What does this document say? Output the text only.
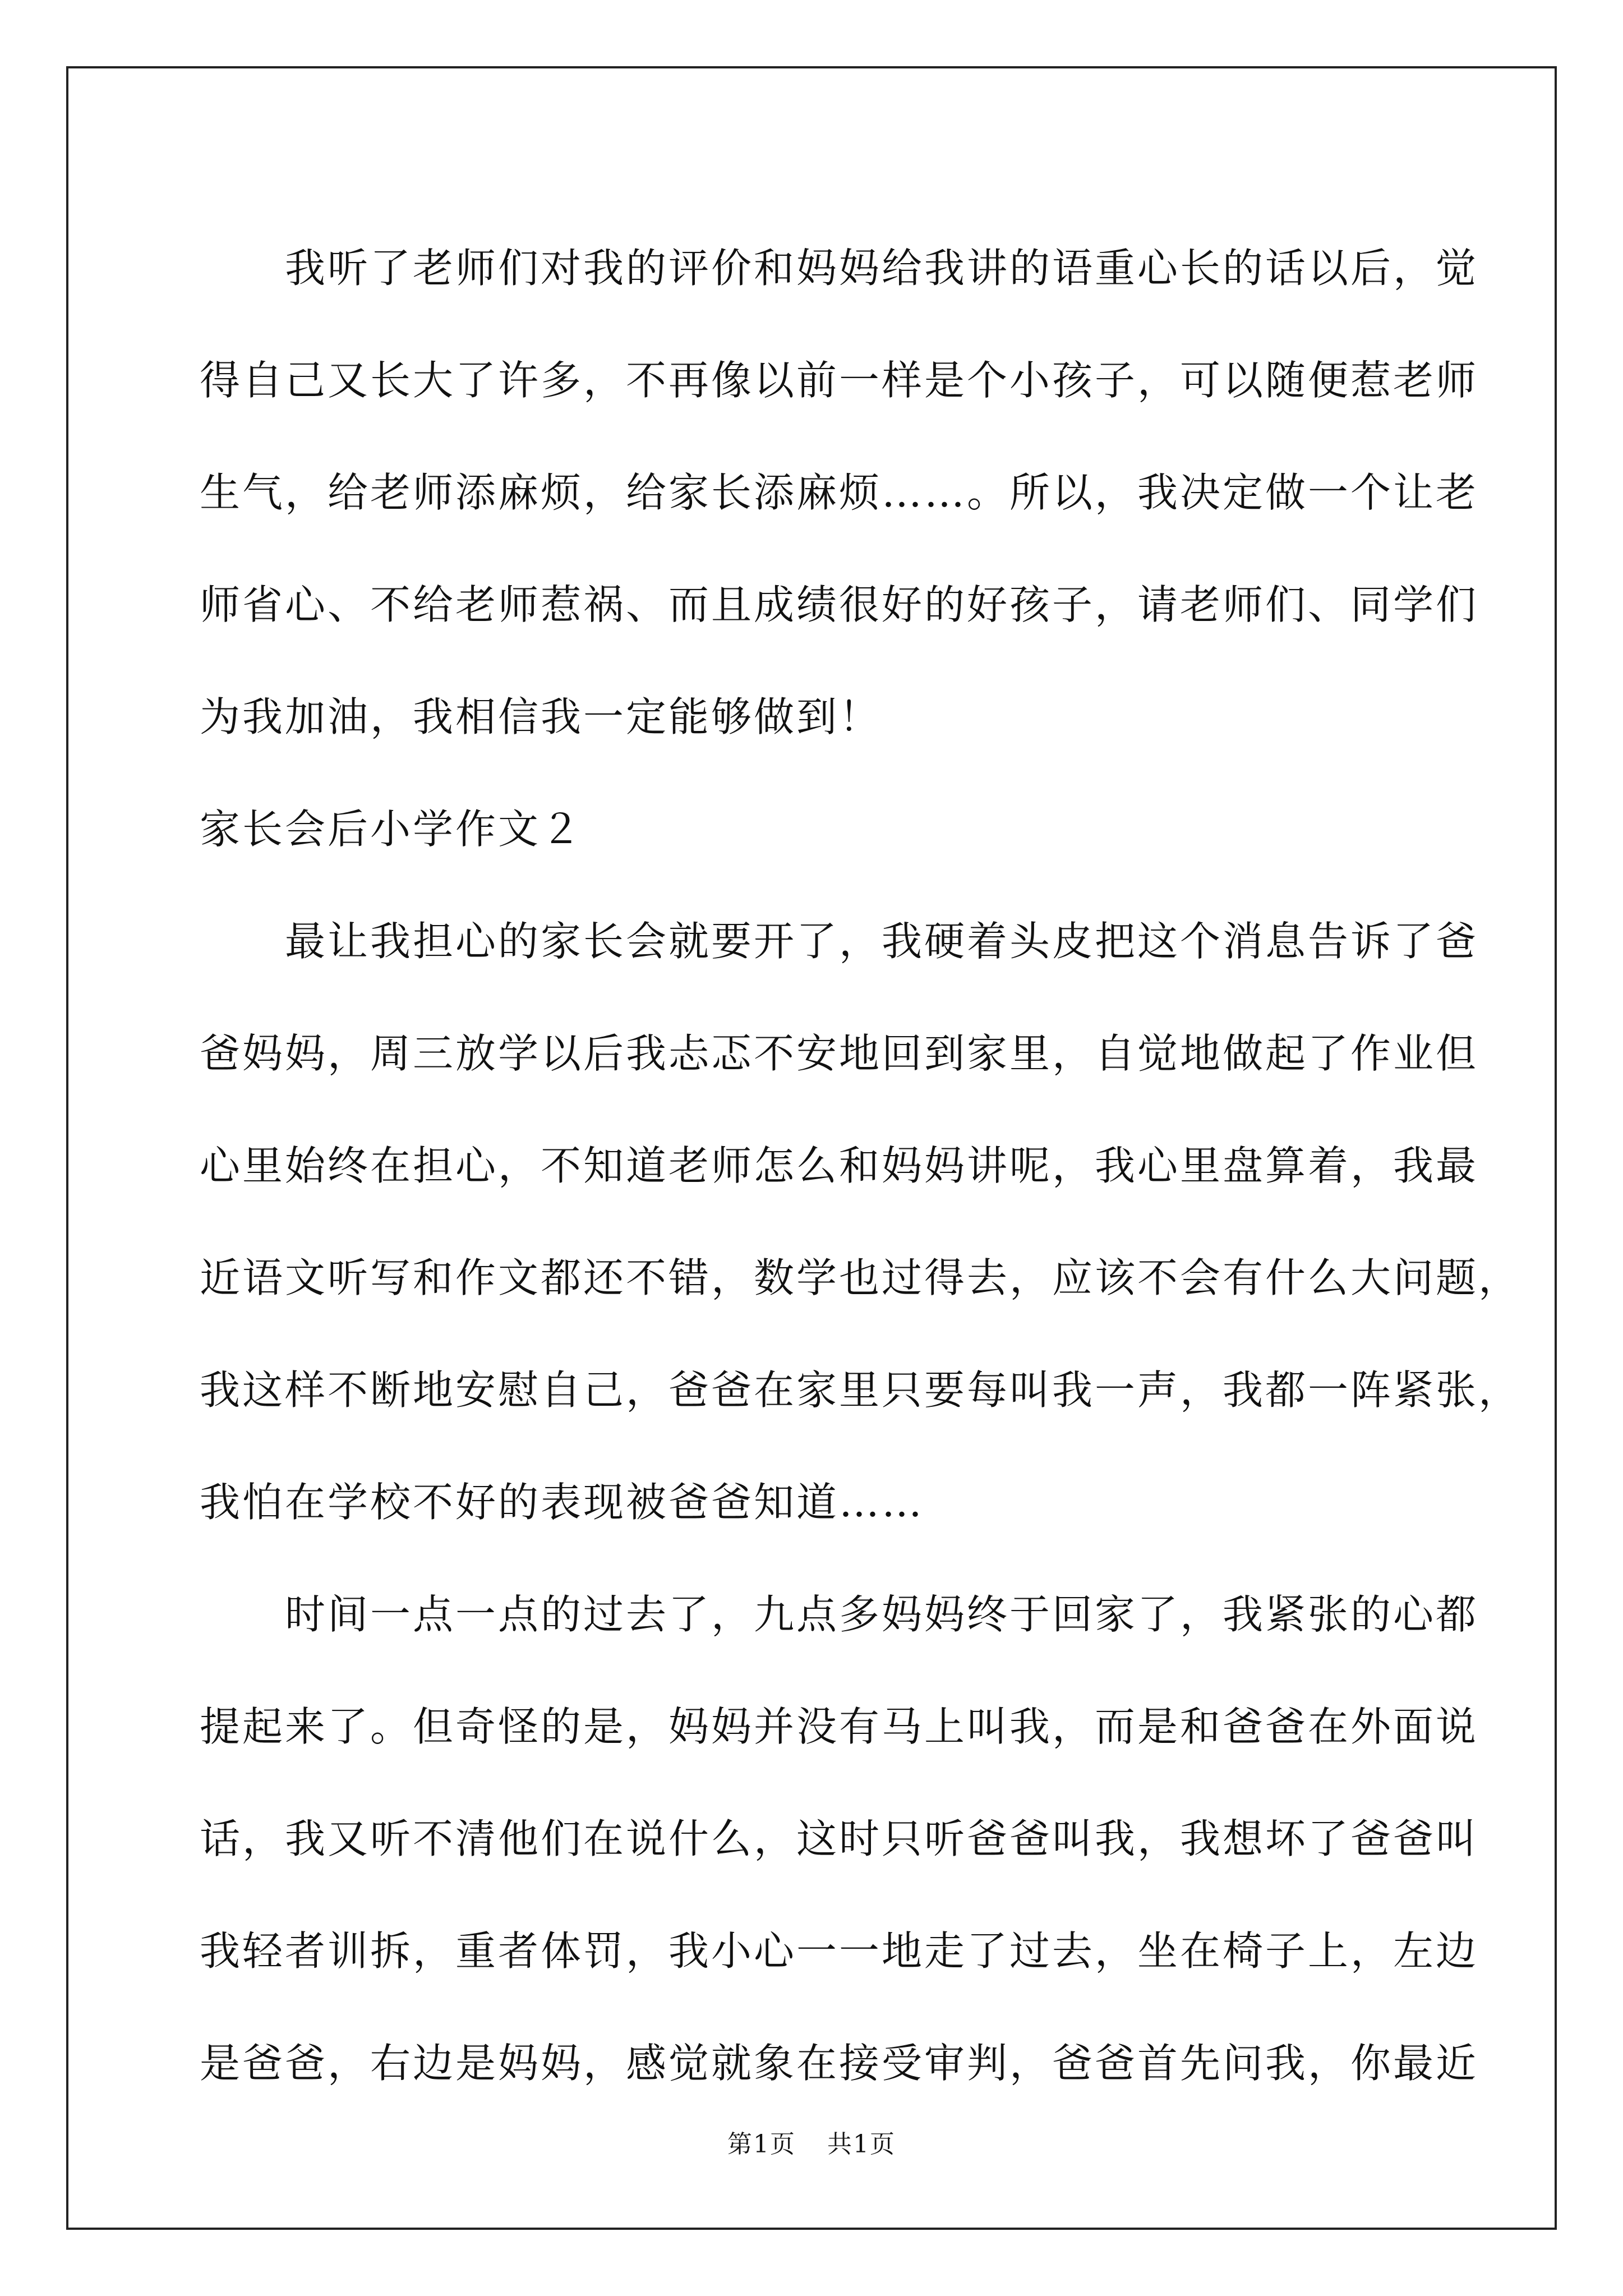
我听了老师们对我的评价和妈妈给我讲的语重心长的话以后，觉
得自己又长大了许多，不再像以前一样是个小孩子，可以随便惹老师
生气，给老师添麻烦，给家长添麻烦……。所以，我决定做一个让老
师省心、不给老师惹祸、而且成绩很好的好孩子，请老师们、同学们
为我加油，我相信我一定能够做到！
家长会后小学作文２
最让我担心的家长会就要开了，我硬着头皮把这个消息告诉了爸
爸妈妈，周三放学以后我忐忑不安地回到家里，自觉地做起了作业但
心里始终在担心，不知道老师怎么和妈妈讲呢，我心里盘算着，我最
近语文听写和作文都还不错，数学也过得去，应该不会有什么大问题，
我这样不断地安慰自己，爸爸在家里只要每叫我一声，我都一阵紧张，
我怕在学校不好的表现被爸爸知道……
时间一点一点的过去了，九点多妈妈终于回家了，我紧张的心都
提起来了。但奇怪的是，妈妈并没有马上叫我，而是和爸爸在外面说
话，我又听不清他们在说什么，这时只听爸爸叫我，我想坏了爸爸叫
我轻者训拆，重者体罚，我小心一一地走了过去，坐在椅子上，左边
是爸爸，右边是妈妈，感觉就象在接受审判，爸爸首先问我，你最近
第1页 共1页
